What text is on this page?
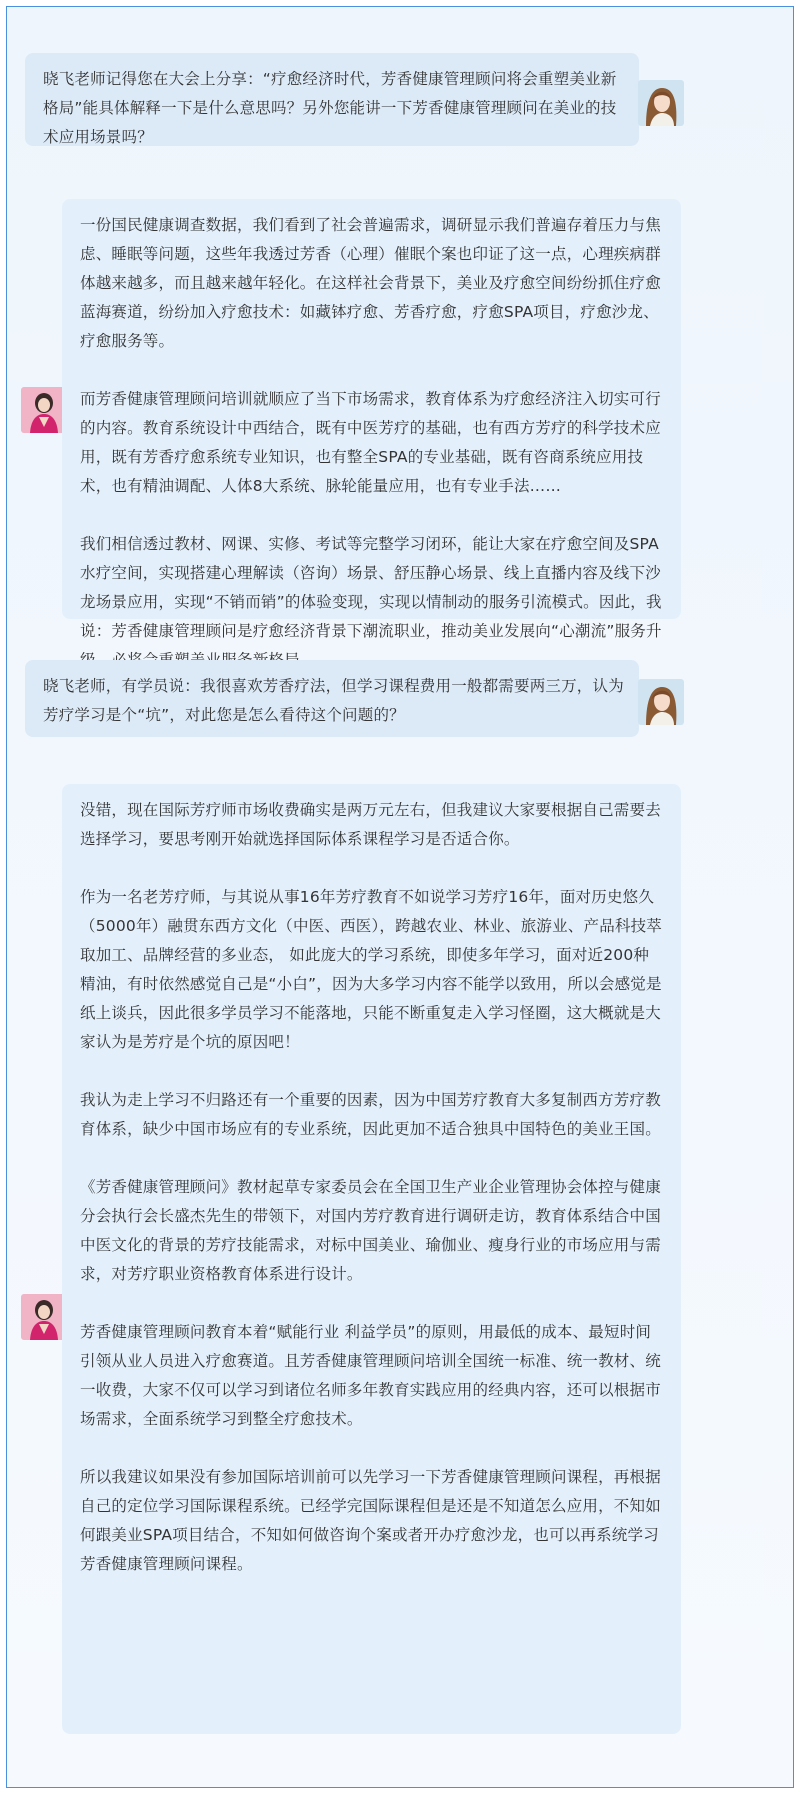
晓飞老师记得您在大会上分享：“疗愈经济时代，芳香健康管理顾问将会重塑美业新格局”能具体解释一下是什么意思吗？另外您能讲一下芳香健康管理顾问在美业的技术应用场景吗？

一份国民健康调查数据，我们看到了社会普遍需求，调研显示我们普遍存着压力与焦虑、睡眠等问题，这些年我透过芳香（心理）催眠个案也印证了这一点，心理疾病群体越来越多，而且越来越年轻化。在这样社会背景下，美业及疗愈空间纷纷抓住疗愈蓝海赛道，纷纷加入疗愈技术：如藏钵疗愈、芳香疗愈，疗愈SPA项目，疗愈沙龙、疗愈服务等。

而芳香健康管理顾问培训就顺应了当下市场需求，教育体系为疗愈经济注入切实可行的内容。教育系统设计中西结合，既有中医芳疗的基础，也有西方芳疗的科学技术应用，既有芳香疗愈系统专业知识，也有整全SPA的专业基础，既有咨商系统应用技术，也有精油调配、人体8大系统、脉轮能量应用，也有专业手法……

我们相信透过教材、网课、实修、考试等完整学习闭环，能让大家在疗愈空间及SPA水疗空间，实现搭建心理解读（咨询）场景、舒压静心场景、线上直播内容及线下沙龙场景应用，实现“不销而销”的体验变现，实现以情制动的服务引流模式。因此，我说：芳香健康管理顾问是疗愈经济背景下潮流职业，推动美业发展向“心潮流”服务升

晓飞老师，有学员说：我很喜欢芳香疗法，但学习课程费用一般都需要两三万，认为芳疗学习是个“坑”，对此您是怎么看待这个问题的？

没错，现在国际芳疗师市场收费确实是两万元左右，但我建议大家要根据自己需要去选择学习，要思考刚开始就选择国际体系课程学习是否适合你。

作为一名老芳疗师，与其说从事16年芳疗教育不如说学习芳疗16年，面对历史悠久（5000年）融贯东西方文化（中医、西医），跨越农业、林业、旅游业、产品科技萃取加工、品牌经营的多业态， 如此庞大的学习系统，即使多年学习，面对近200种精油，有时依然感觉自己是“小白”，因为大多学习内容不能学以致用，所以会感觉是纸上谈兵，因此很多学员学习不能落地，只能不断重复走入学习怪圈，这大概就是大家认为是芳疗是个坑的原因吧！

我认为走上学习不归路还有一个重要的因素，因为中国芳疗教育大多复制西方芳疗教育体系，缺少中国市场应有的专业系统，因此更加不适合独具中国特色的美业王国。

《芳香健康管理顾问》教材起草专家委员会在全国卫生产业企业管理协会体控与健康分会执行会长盛杰先生的带领下，对国内芳疗教育进行调研走访，教育体系结合中国中医文化的背景的芳疗技能需求，对标中国美业、瑜伽业、瘦身行业的市场应用与需求，对芳疗职业资格教育体系进行设计。

芳香健康管理顾问教育本着“赋能行业 利益学员”的原则，用最低的成本、最短时间引领从业人员进入疗愈赛道。且芳香健康管理顾问培训全国统一标准、统一教材、统一收费，大家不仅可以学习到诸位名师多年教育实践应用的经典内容，还可以根据市场需求，全面系统学习到整全疗愈技术。

所以我建议如果没有参加国际培训前可以先学习一下芳香健康管理顾问课程，再根据自己的定位学习国际课程系统。已经学完国际课程但是还是不知道怎么应用，不知如何跟美业SPA项目结合，不知如何做咨询个案或者开办疗愈沙龙，也可以再系统学习芳香健康管理顾问课程。
